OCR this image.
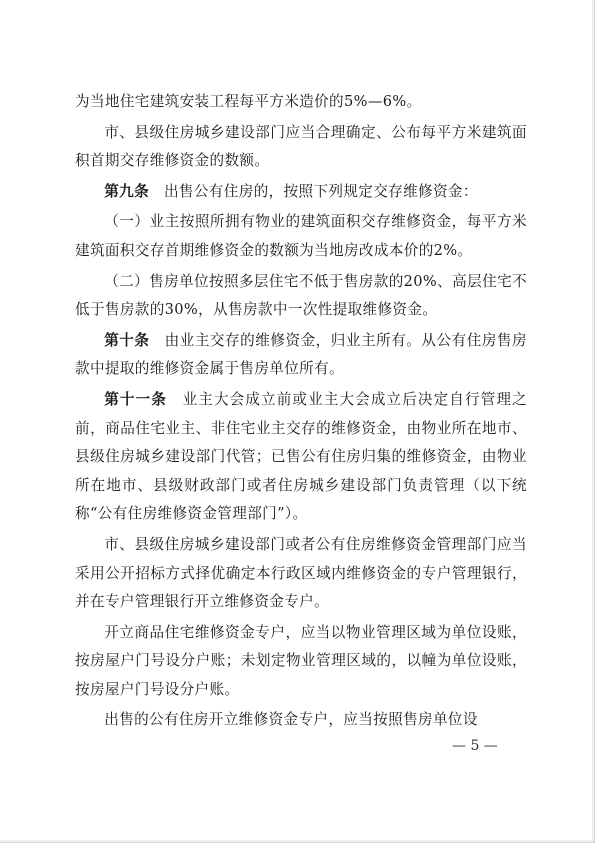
为当地住宅建筑安装工程每平方米造价的5%—6%。

市、县级住房城乡建设部门应当合理确定、公布每平方米建筑面积首期交存维修资金的数额。

第九条　出售公有住房的，按照下列规定交存维修资金：

（一）业主按照所拥有物业的建筑面积交存维修资金，每平方米建筑面积交存首期维修资金的数额为当地房改成本价的2%。

（二）售房单位按照多层住宅不低于售房款的20%、高层住宅不低于售房款的30%，从售房款中一次性提取维修资金。

第十条　由业主交存的维修资金，归业主所有。从公有住房售房款中提取的维修资金属于售房单位所有。

第十一条　业主大会成立前或业主大会成立后决定自行管理之前，商品住宅业主、非住宅业主交存的维修资金，由物业所在地市、县级住房城乡建设部门代管；已售公有住房归集的维修资金，由物业所在地市、县级财政部门或者住房城乡建设部门负责管理（以下统称“公有住房维修资金管理部门”）。

市、县级住房城乡建设部门或者公有住房维修资金管理部门应当采用公开招标方式择优确定本行政区域内维修资金的专户管理银行，并在专户管理银行开立维修资金专户。

开立商品住宅维修资金专户，应当以物业管理区域为单位设账，按房屋户门号设分户账；未划定物业管理区域的，以幢为单位设账，按房屋户门号设分户账。

出售的公有住房开立维修资金专户，应当按照售房单位设

— 5 —
